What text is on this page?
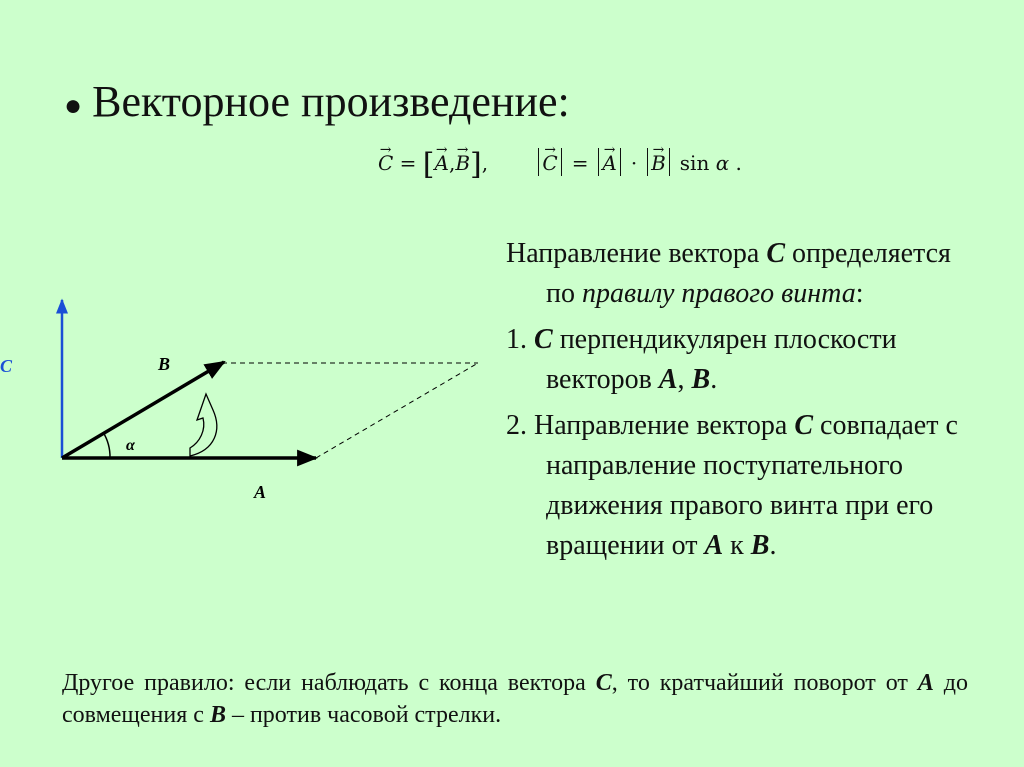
● Векторное произведение:
→ C = [→ A,→ B],  →	C = → A · → B sin α .
C	B
A
α

Направление вектора C определяется по правилу правого винта:

1. C перпендикулярен плоскости векторов A, B.

2. Направление вектора C совпадает с направление поступательного движения правого винта при его вращении от A к B.

Другое правило: если наблюдать с конца вектора C, то кратчайший поворот от A до совмещения с B – против часовой стрелки.
